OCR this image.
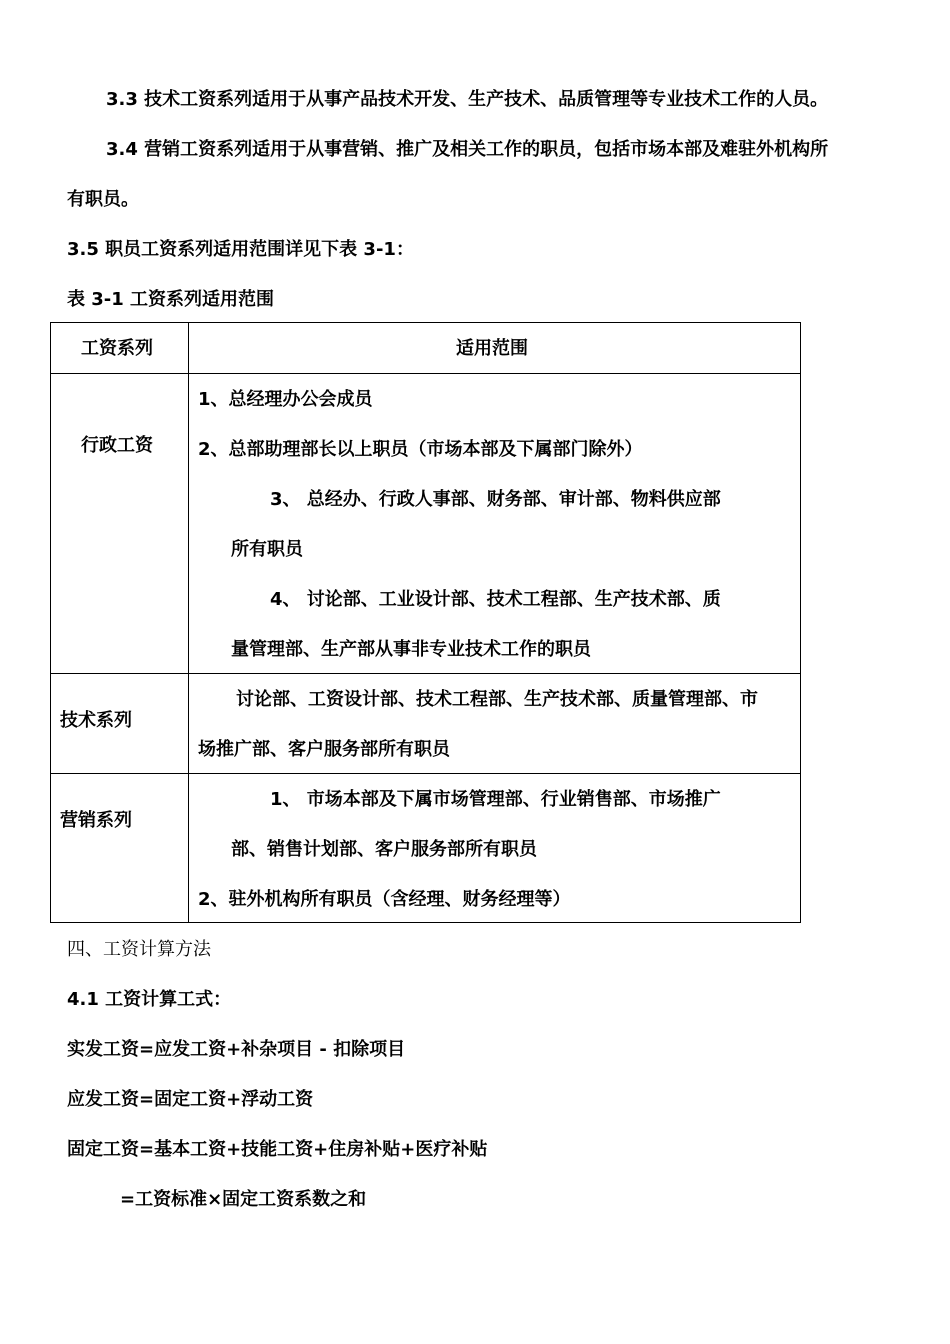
3.3 技术工资系列适用于从事产品技术开发、生产技术、品质管理等专业技术工作的人员。
3.4 营销工资系列适用于从事营销、推广及相关工作的职员，包括市场本部及难驻外机构所
有职员。
3.5 职员工资系列适用范围详见下表 3-1：
表 3-1 工资系列适用范围
工资系列	适用范围
行政工资
1、总经理办公会成员
2、总部助理部长以上职员（市场本部及下属部门除外）
3、 总经办、行政人事部、财务部、审计部、物料供应部
所有职员
4、 讨论部、工业设计部、技术工程部、生产技术部、质
量管理部、生产部从事非专业技术工作的职员
技术系列
讨论部、工资设计部、技术工程部、生产技术部、质量管理部、市
场推广部、客户服务部所有职员
营销系列
1、 市场本部及下属市场管理部、行业销售部、市场推广
部、销售计划部、客户服务部所有职员
2、驻外机构所有职员（含经理、财务经理等）
四、工资计算方法
4.1 工资计算工式：
实发工资=应发工资+补杂项目 - 扣除项目
应发工资=固定工资+浮动工资
固定工资=基本工资+技能工资+住房补贴+医疗补贴
=工资标准×固定工资系数之和
